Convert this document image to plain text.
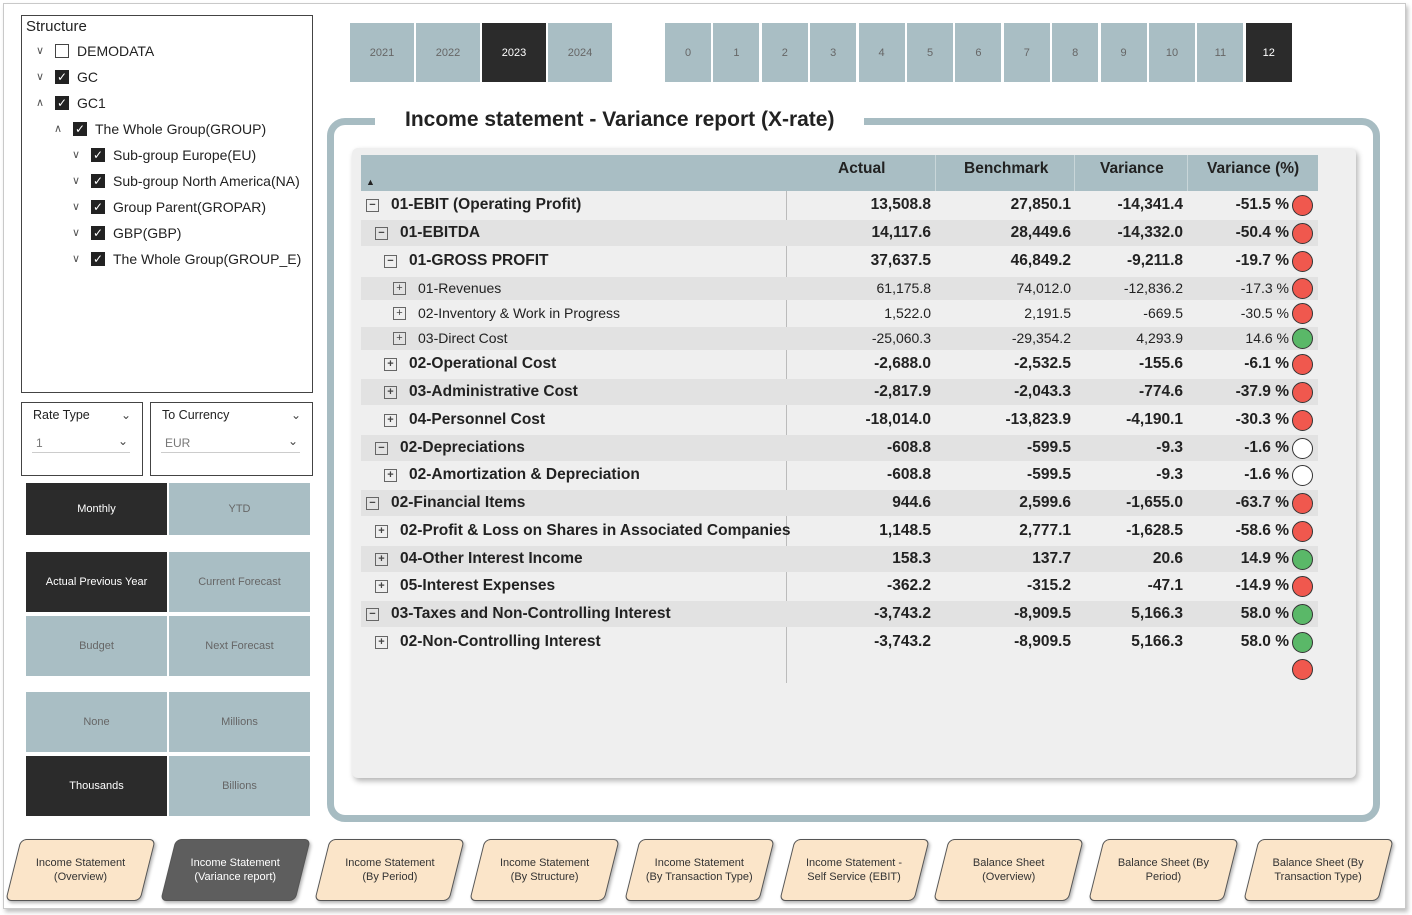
Structure
∨ DEMODATA
∨ ✓ GC
∧ ✓ GC1
∧ ✓ The Whole Group(GROUP)
∨ ✓ Sub-group Europe(EU)
∨ ✓ Sub-group North America(NA)
∨ ✓ Group Parent(GROPAR)
∨ ✓ GBP(GBP)
∨ ✓ The Whole Group(GROUP_E)
Rate Type	⌄
1	⌄
To Currency	⌄
EUR	⌄
Monthly	YTD
Actual Previous Year	Current Forecast
Budget	Next Forecast
None	Millions
Thousands	Billions
2021	2022	2023	2024	0	1	2	3	4	5	6	7	8	9	10	11	12
Income statement - Variance report (X-rate)
▲
Actual	Benchmark	Variance	Variance (%)
− 01-EBIT (Operating Profit)	13,508.8	27,850.1	-14,341.4	-51.5 %
− 01-EBITDA	14,117.6	28,449.6	-14,332.0	-50.4 %
− 01-GROSS PROFIT	37,637.5	46,849.2	-9,211.8	-19.7 %
+ 01-Revenues	61,175.8	74,012.0	-12,836.2	-17.3 %
+ 02-Inventory & Work in Progress	1,522.0	2,191.5	-669.5	-30.5 %
+ 03-Direct Cost	-25,060.3	-29,354.2	4,293.9	14.6 %
+ 02-Operational Cost	-2,688.0	-2,532.5	-155.6	-6.1 %
+ 03-Administrative Cost	-2,817.9	-2,043.3	-774.6	-37.9 %
+ 04-Personnel Cost	-18,014.0	-13,823.9	-4,190.1	-30.3 %
− 02-Depreciations	-608.8	-599.5	-9.3	-1.6 %
+ 02-Amortization & Depreciation	-608.8	-599.5	-9.3	-1.6 %
− 02-Financial Items	944.6	2,599.6	-1,655.0	-63.7 %
+ 02-Profit & Loss on Shares in Associated Companies	1,148.5	2,777.1	-1,628.5	-58.6 %
+ 04-Other Interest Income	158.3	137.7	20.6	14.9 %
+ 05-Interest Expenses	-362.2	-315.2	-47.1	-14.9 %
− 03-Taxes and Non-Controlling Interest	-3,743.2	-8,909.5	5,166.3	58.0 %
+ 02-Non-Controlling Interest	-3,743.2	-8,909.5	5,166.3	58.0 %
Income Statement (Overview)
Income Statement (Variance report)
Income Statement (By Period)
Income Statement (By Structure)
Income Statement (By Transaction Type)
Income Statement - Self Service (EBIT)
Balance Sheet (Overview)
Balance Sheet (By Period)
Balance Sheet (By Transaction Type)
